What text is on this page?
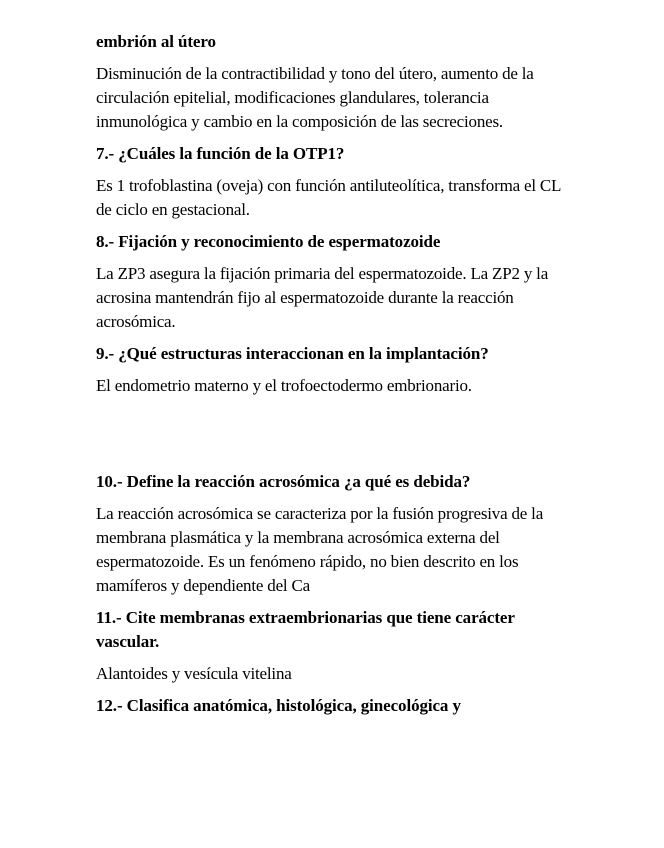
embrión al útero

Disminución de la contractibilidad y tono del útero, aumento de la circulación epitelial, modificaciones glandulares, tolerancia inmunológica y cambio en la composición de las secreciones.

7.- ¿Cuáles la función de la OTP1?

Es 1 trofoblastina (oveja) con función antiluteolítica, transforma el CL de ciclo en gestacional.

8.- Fijación y reconocimiento de espermatozoide

La ZP3 asegura la fijación primaria del espermatozoide. La ZP2 y la acrosina mantendrán fijo al espermatozoide durante la reacción acrosómica.

9.- ¿Qué estructuras interaccionan en la implantación?

El endometrio materno y el trofoectodermo embrionario.

10.- Define la reacción acrosómica ¿a qué es debida?

La reacción acrosómica se caracteriza por la fusión progresiva de la membrana plasmática y la membrana acrosómica externa del espermatozoide. Es un fenómeno rápido, no bien descrito en los mamíferos y dependiente del Ca

11.- Cite membranas extraembrionarias que tiene carácter vascular.

Alantoides y vesícula vitelina

12.- Clasifica anatómica, histológica, ginecológica y
